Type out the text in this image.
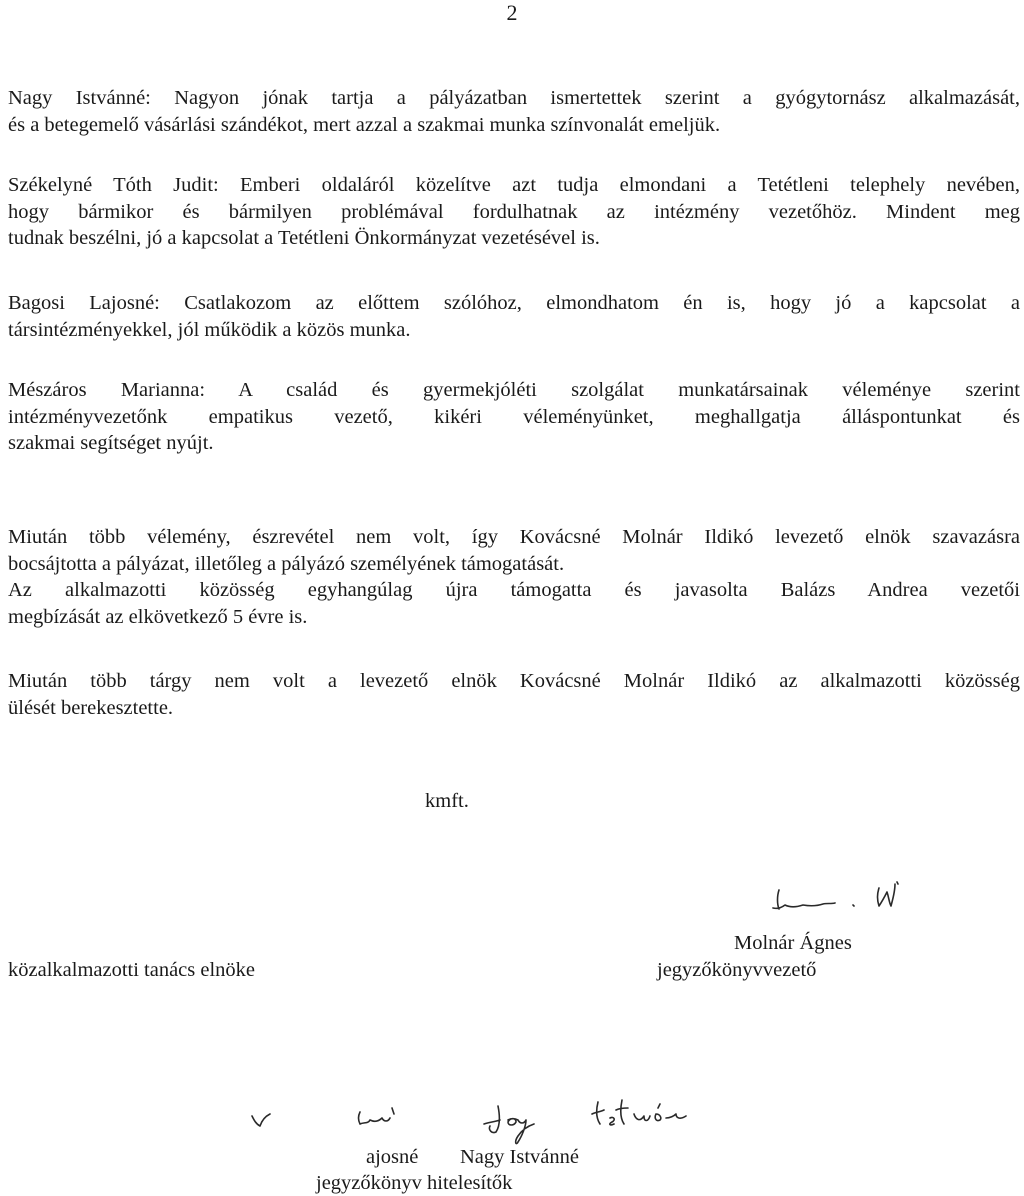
2

Nagy Istvánné: Nagyon jónak tartja a pályázatban ismertettek szerint a gyógytornász alkalmazását,
és a betegemelő vásárlási szándékot, mert azzal a szakmai munka színvonalát emeljük.

Székelyné Tóth Judit: Emberi oldaláról közelítve azt tudja elmondani a Tetétleni telephely nevében,
hogy bármikor és bármilyen problémával fordulhatnak az intézmény vezetőhöz. Mindent meg
tudnak beszélni, jó a kapcsolat a Tetétleni Önkormányzat vezetésével is.

Bagosi Lajosné: Csatlakozom az előttem szólóhoz, elmondhatom én is, hogy jó a kapcsolat a
társintézményekkel, jól működik a közös munka.

Mészáros Marianna: A család és gyermekjóléti szolgálat munkatársainak véleménye szerint
intézményvezetőnk empatikus vezető, kikéri véleményünket, meghallgatja álláspontunkat és
szakmai segítséget nyújt.

Miután több vélemény, észrevétel nem volt, így Kovácsné Molnár Ildikó levezető elnök szavazásra
bocsájtotta a pályázat, illetőleg a pályázó személyének támogatását.
Az alkalmazotti közösség egyhangúlag újra támogatta és javasolta Balázs Andrea vezetői
megbízását az elkövetkező 5 évre is.

Miután több tárgy nem volt a levezető elnök Kovácsné Molnár Ildikó az alkalmazotti közösség
ülését berekesztette.

kmft.
Molnár Ágnes
jegyzőkönyvvezető
közalkalmazotti tanács elnöke
ajosné Nagy Istvánné
jegyzőkönyv hitelesítők
